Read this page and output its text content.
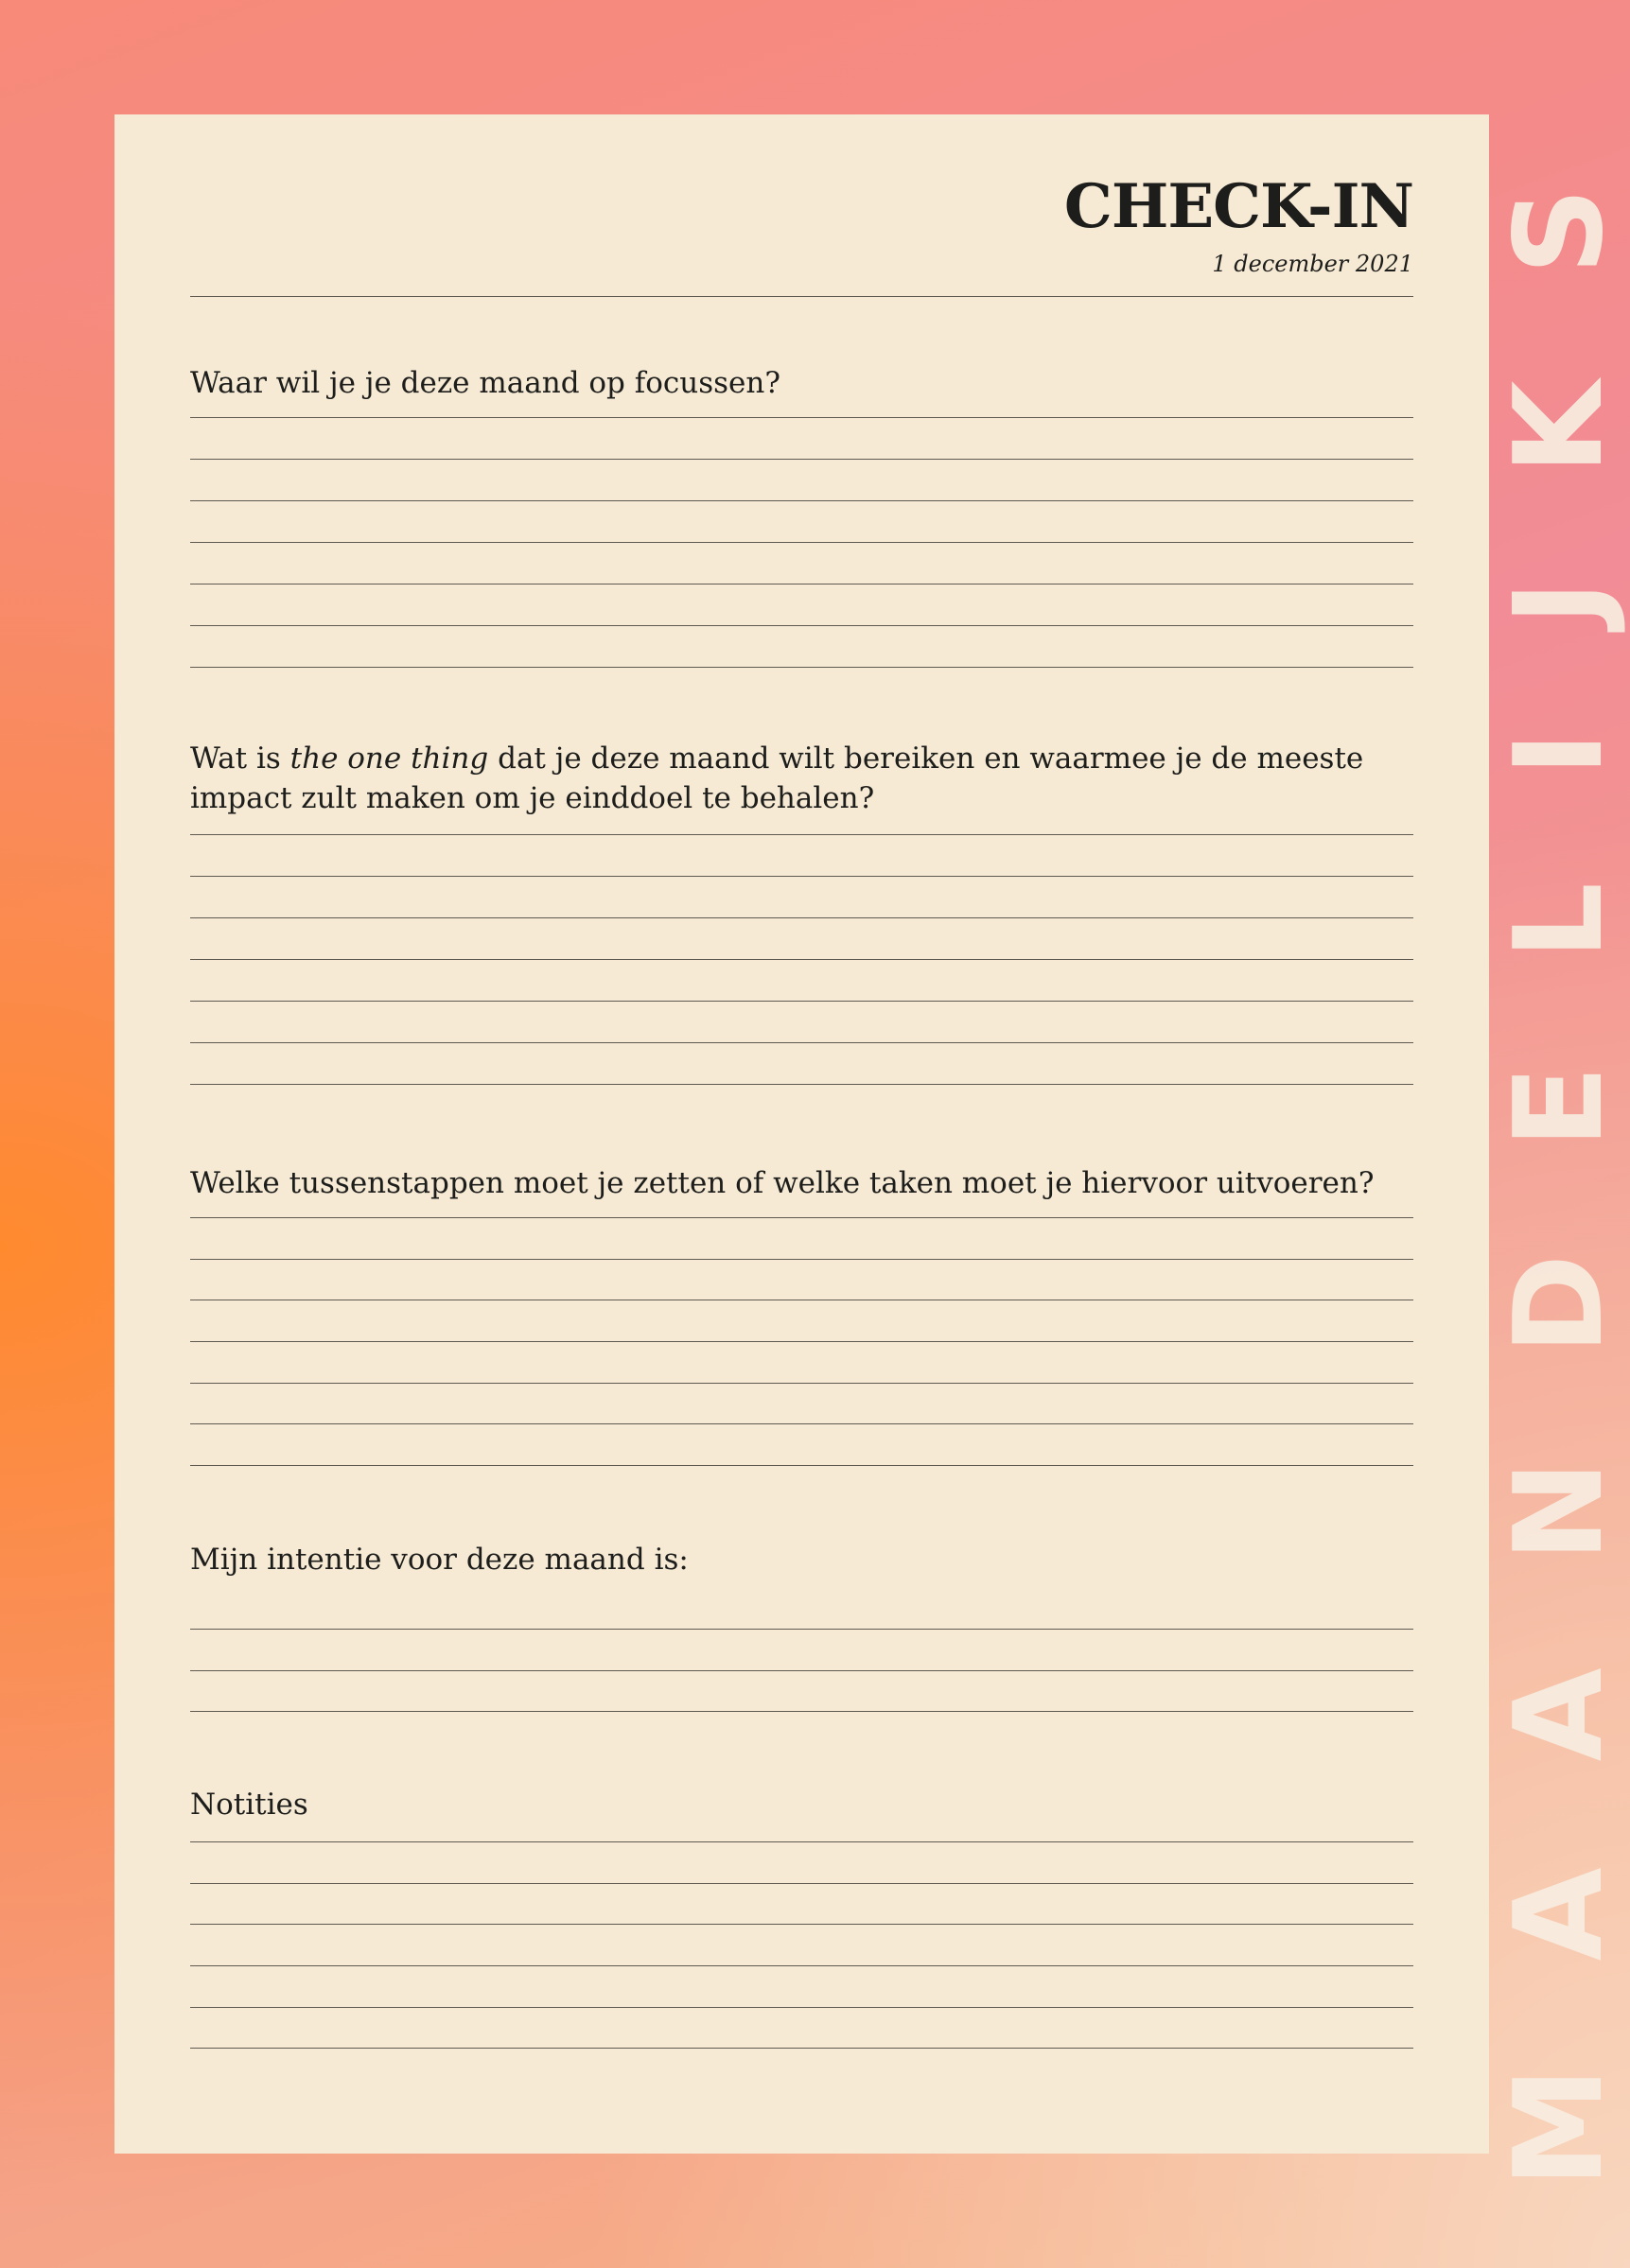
MAANDELIJKS
CHECK-IN
1 december 2021
Waar wil je je deze maand op focussen?
Wat is the one thing dat je deze maand wilt bereiken en waarmee je de meeste impact zult maken om je einddoel te behalen?
Welke tussenstappen moet je zetten of welke taken moet je hiervoor uitvoeren?
Mijn intentie voor deze maand is:
Notities
